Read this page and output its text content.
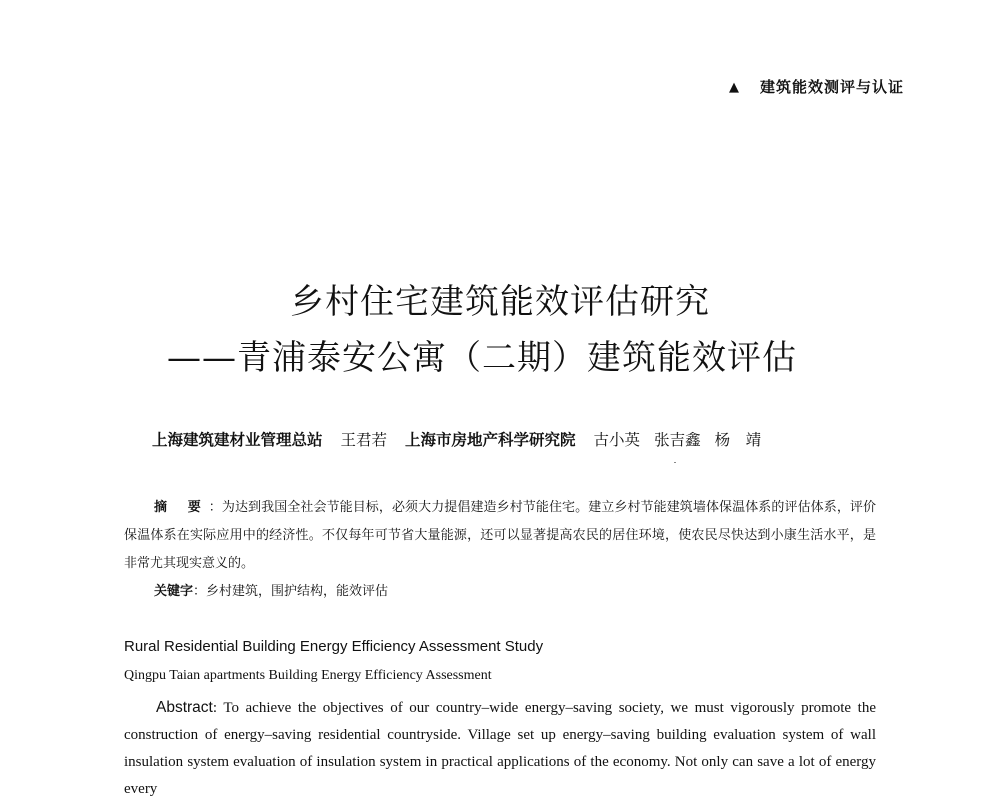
▲ 建筑能效测评与认证
乡村住宅建筑能效评估研究
——青浦泰安公寓（二期）建筑能效评估
上海建筑建材业管理总站 王君若 上海市房地产科学研究院 古小英 张吉鑫 杨　靖
摘 要：为达到我国全社会节能目标，必须大力提倡建造乡村节能住宅。建立乡村节能建筑墙体保温体系的评估体系，评价保温体系在实际应用中的经济性。不仅每年可节省大量能源，还可以显著提高农民的居住环境，使农民尽快达到小康生活水平，是非常尤其现实意义的。
关键字：乡村建筑，围护结构，能效评估
Rural Residential Building Energy Efficiency Assessment Study
Qingpu Taian apartments Building Energy Efficiency Assessment
Abstract: To achieve the objectives of our country–wide energy–saving society, we must vigorously promote the construction of energy–saving residential countryside. Village set up energy–saving building evaluation system of wall insulation system evaluation of insulation system in practical applications of the economy. Not only can save a lot of energy every
